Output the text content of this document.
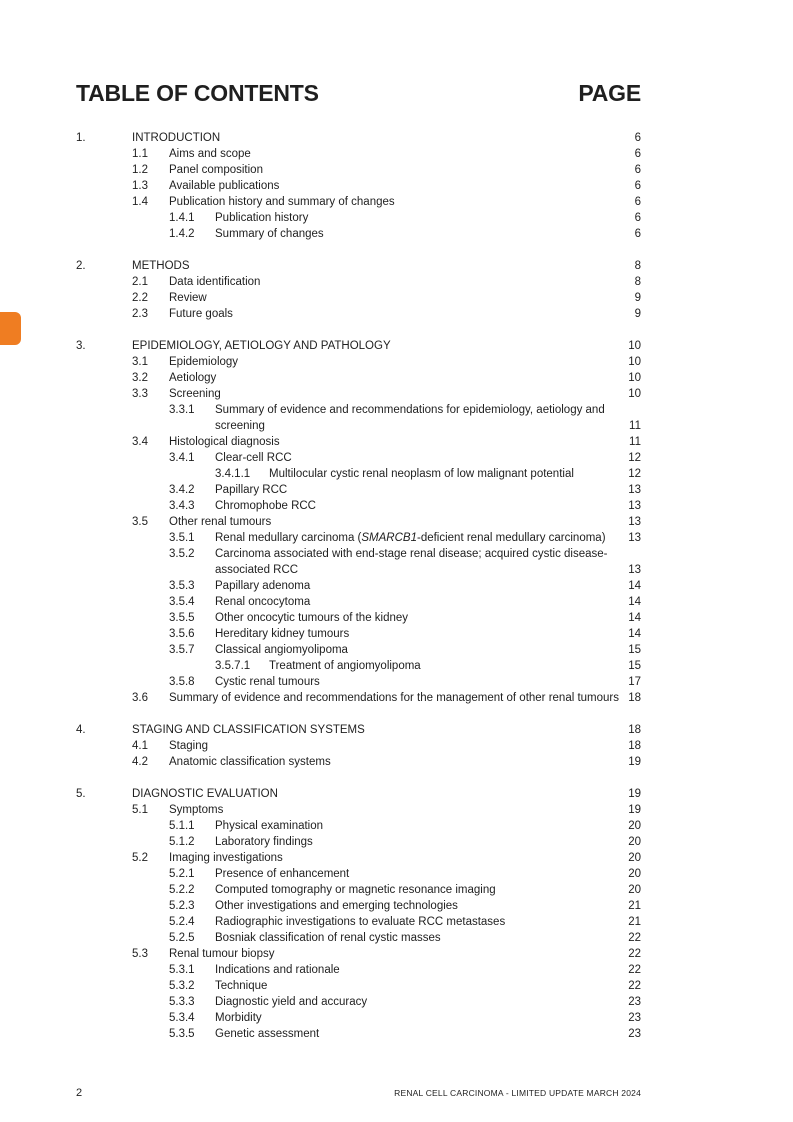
TABLE OF CONTENTS	PAGE
1.	INTRODUCTION	6
1.1 Aims and scope	6
1.2 Panel composition	6
1.3 Available publications	6
1.4 Publication history and summary of changes	6
1.4.1 Publication history	6
1.4.2 Summary of changes	6
2.	METHODS	8
2.1 Data identification	8
2.2 Review	9
2.3 Future goals	9
3.	EPIDEMIOLOGY, AETIOLOGY AND PATHOLOGY	10
3.1 Epidemiology	10
3.2 Aetiology	10
3.3 Screening	10
3.3.1 Summary of evidence and recommendations for epidemiology, aetiology and
screening	11
3.4 Histological diagnosis	11
3.4.1 Clear-cell RCC	12
3.4.1.1 Multilocular cystic renal neoplasm of low malignant potential	12
3.4.2 Papillary RCC	13
3.4.3 Chromophobe RCC	13
3.5 Other renal tumours	13
3.5.1 Renal medullary carcinoma (SMARCB1-deficient renal medullary carcinoma) 13
3.5.2 Carcinoma associated with end-stage renal disease; acquired cystic disease-
associated RCC	13
3.5.3 Papillary adenoma	14
3.5.4 Renal oncocytoma	14
3.5.5 Other oncocytic tumours of the kidney	14
3.5.6 Hereditary kidney tumours	14
3.5.7 Classical angiomyolipoma	15
3.5.7.1 Treatment of angiomyolipoma	15
3.5.8 Cystic renal tumours	17
3.6 Summary of evidence and recommendations for the management of other renal tumours 18
4.	STAGING AND CLASSIFICATION SYSTEMS	18
4.1 Staging	18
4.2 Anatomic classification systems	19
5.	DIAGNOSTIC EVALUATION	19
5.1 Symptoms	19
5.1.1 Physical examination	20
5.1.2 Laboratory findings	20
5.2 Imaging investigations	20
5.2.1 Presence of enhancement	20
5.2.2 Computed tomography or magnetic resonance imaging	20
5.2.3 Other investigations and emerging technologies	21
5.2.4 Radiographic investigations to evaluate RCC metastases	21
5.2.5 Bosniak classification of renal cystic masses	22
5.3 Renal tumour biopsy	22
5.3.1 Indications and rationale	22
5.3.2 Technique	22
5.3.3 Diagnostic yield and accuracy	23
5.3.4 Morbidity	23
5.3.5 Genetic assessment	23
2	RENAL CELL CARCINOMA - LIMITED UPDATE MARCH 2024
